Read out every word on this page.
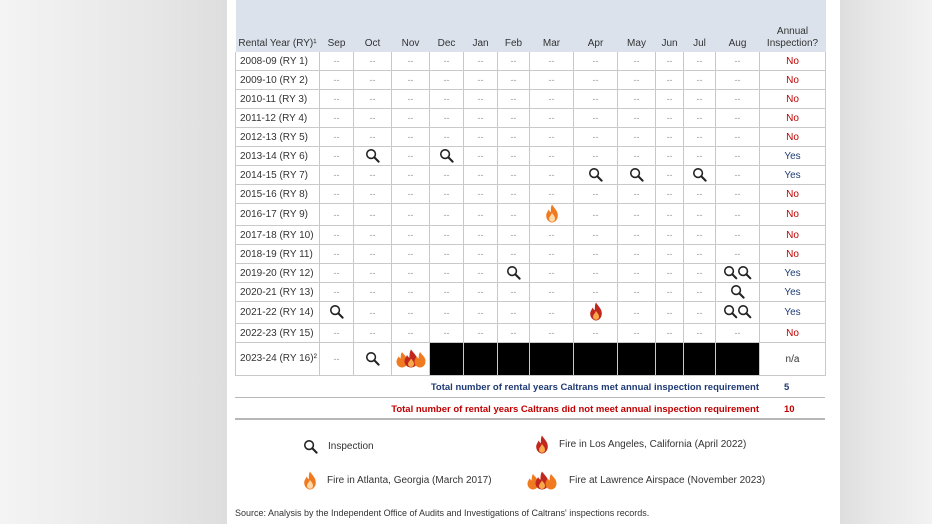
Rental Year (RY)¹	Sep	Oct	Nov	Dec	Jan	Feb	Mar	Apr	May	Jun	Jul	Aug	Annual Inspection?
2008-09 (RY 1)	--	--	--	--	--	--	--	--	--	--	--	--	No
2009-10 (RY 2)	--	--	--	--	--	--	--	--	--	--	--	--	No
2010-11 (RY 3)	--	--	--	--	--	--	--	--	--	--	--	--	No
2011-12 (RY 4)	--	--	--	--	--	--	--	--	--	--	--	--	No
2012-13 (RY 5)	--	--	--	--	--	--	--	--	--	--	--	--	No
2013-14 (RY 6)	--		--		--	--	--	--	--	--	--	--	Yes
2014-15 (RY 7)	--	--	--	--	--	--	--			--		--	Yes
2015-16 (RY 8)	--	--	--	--	--	--	--	--	--	--	--	--	No
2016-17 (RY 9)	--	--	--	--	--	--		--	--	--	--	--	No
2017-18 (RY 10)	--	--	--	--	--	--	--	--	--	--	--	--	No
2018-19 (RY 11)	--	--	--	--	--	--	--	--	--	--	--	--	No
2019-20 (RY 12)	--	--	--	--	--		--	--	--	--	--		Yes
2020-21 (RY 13)	--	--	--	--	--	--	--	--	--	--	--		Yes
2021-22 (RY 14)		--	--	--	--	--	--		--	--	--		Yes
2022-23 (RY 15)	--	--	--	--	--	--	--	--	--	--	--	--	No
2023-24 (RY 16)²	--												n/a
Total number of rental years Caltrans met annual inspection requirement	5
Total number of rental years Caltrans did not meet annual inspection requirement	10
Inspection	Fire in Los Angeles, California (April 2022)
Fire in Atlanta, Georgia (March 2017)	Fire at Lawrence Airspace (November 2023)
Source: Analysis by the Independent Office of Audits and Investigations of Caltrans' inspections records.
